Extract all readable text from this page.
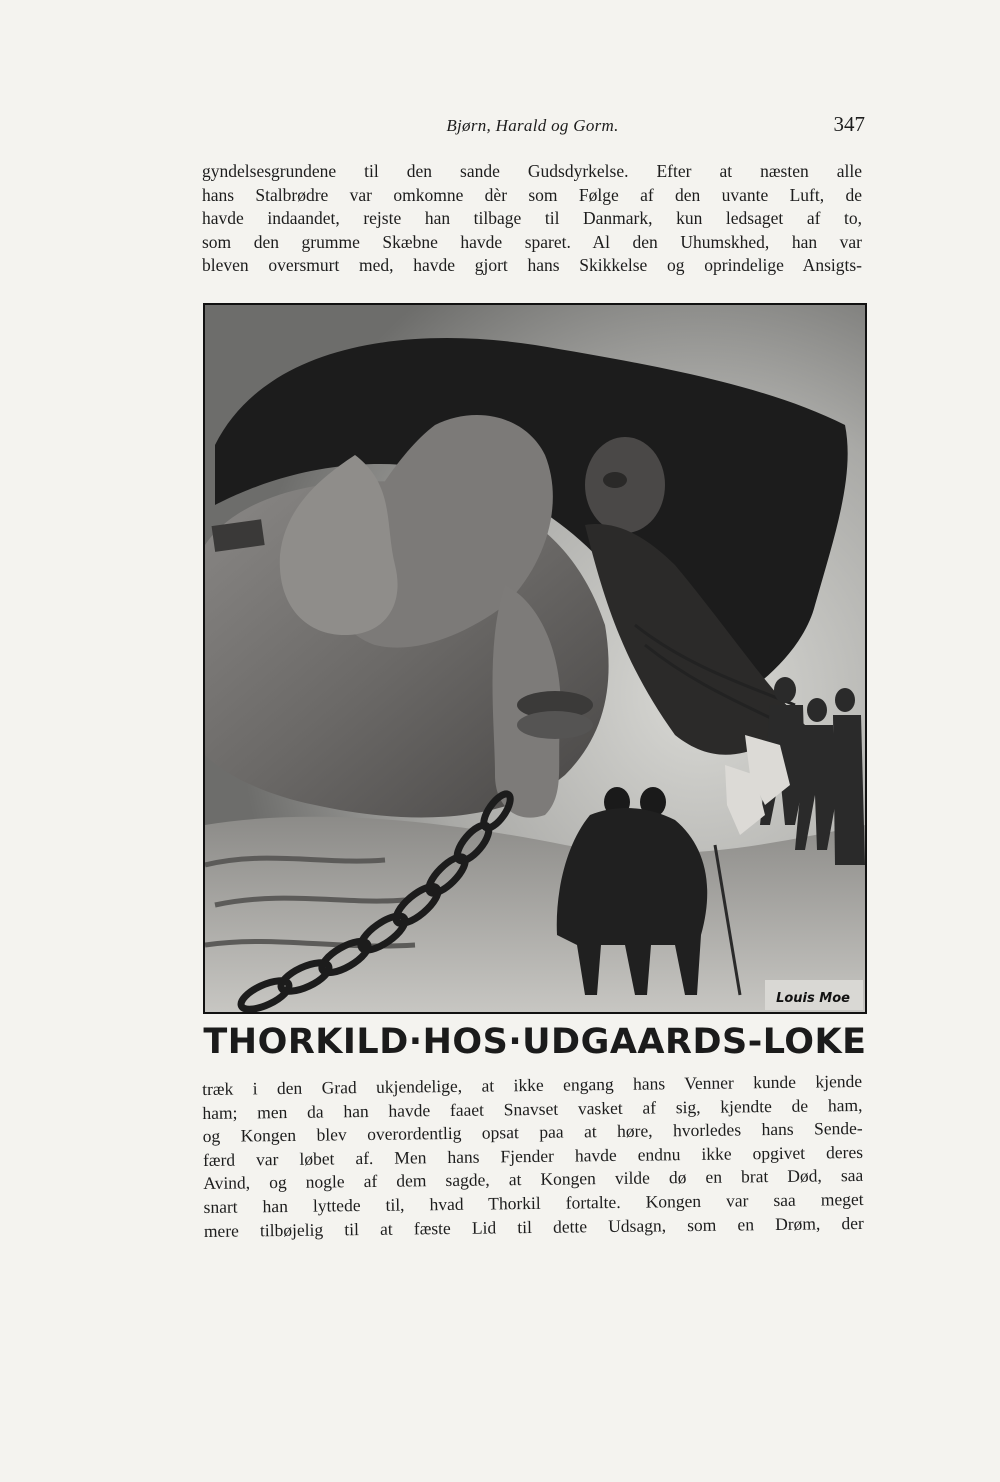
Bjørn, Harald og Gorm.	347
gyndelsesgrundene til den sande Gudsdyrkelse. Efter at næsten alle
hans Stalbrødre var omkomne dèr som Følge af den uvante Luft, de
havde indaandet, rejste han tilbage til Danmark, kun ledsaget af to,
som den grumme Skæbne havde sparet. Al den Uhumskhed, han var
bleven oversmurt med, havde gjort hans Skikkelse og oprindelige Ansigts-
Louis Moe
THORKILD·HOS·UDGAARDS-LOKE
træk i den Grad ukjendelige, at ikke engang hans Venner kunde kjende
ham; men da han havde faaet Snavset vasket af sig, kjendte de ham,
og Kongen blev overordentlig opsat paa at høre, hvorledes hans Sende-
færd var løbet af. Men hans Fjender havde endnu ikke opgivet deres
Avind, og nogle af dem sagde, at Kongen vilde dø en brat Død, saa
snart han lyttede til, hvad Thorkil fortalte. Kongen var saa meget
mere tilbøjelig til at fæste Lid til dette Udsagn, som en Drøm, der
